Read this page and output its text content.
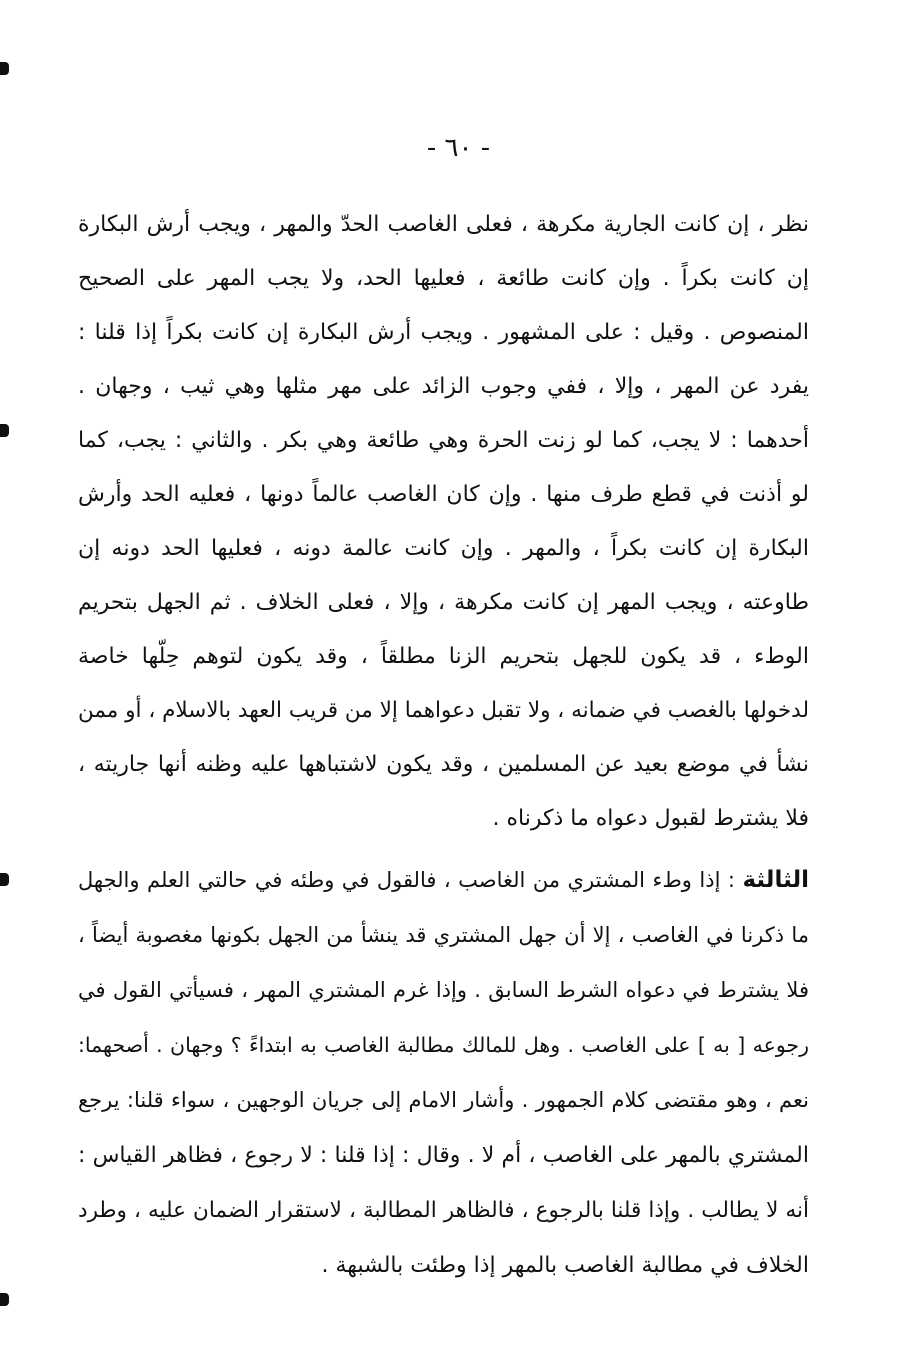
- ٦٠ -
نظر ، إن كانت الجارية مكرهة ، فعلى الغاصب الحدّ والمهر ، ويجب أرش البكارة
إن كانت بكراً . وإن كانت طائعة ، فعليها الحد، ولا يجب المهر على الصحيح
المنصوص . وقيل : على المشهور . ويجب أرش البكارة إن كانت بكراً إذا قلنا :
يفرد عن المهر ، وإلا ، ففي وجوب الزائد على مهر مثلها وهي ثيب ، وجهان .
أحدهما : لا يجب، كما لو زنت الحرة وهي طائعة وهي بكر . والثاني : يجب، كما
لو أذنت في قطع طرف منها . وإن كان الغاصب عالماً دونها ، فعليه الحد وأرش
البكارة إن كانت بكراً ، والمهر . وإن كانت عالمة دونه ، فعليها الحد دونه إن
طاوعته ، ويجب المهر إن كانت مكرهة ، وإلا ، فعلى الخلاف . ثم الجهل بتحريم
الوطء ، قد يكون للجهل بتحريم الزنا مطلقاً ، وقد يكون لتوهم حِلّها خاصة
لدخولها بالغصب في ضمانه ، ولا تقبل دعواهما إلا من قريب العهد بالاسلام ، أو ممن
نشأ في موضع بعيد عن المسلمين ، وقد يكون لاشتباهها عليه وظنه أنها جاريته ،
فلا يشترط لقبول دعواه ما ذكرناه .
الثالثة : إذا وطء المشتري من الغاصب ، فالقول في وطئه في حالتي العلم والجهل
ما ذكرنا في الغاصب ، إلا أن جهل المشتري قد ينشأ من الجهل بكونها مغصوبة أيضاً ،
فلا يشترط في دعواه الشرط السابق . وإذا غرم المشتري المهر ، فسيأتي القول في
رجوعه [ به ] على الغاصب . وهل للمالك مطالبة الغاصب به ابتداءً ؟ وجهان . أصحهما:
نعم ، وهو مقتضى كلام الجمهور . وأشار الامام إلى جريان الوجهين ، سواء قلنا: يرجع
المشتري بالمهر على الغاصب ، أم لا . وقال : إذا قلنا : لا رجوع ، فظاهر القياس :
أنه لا يطالب . وإذا قلنا بالرجوع ، فالظاهر المطالبة ، لاستقرار الضمان عليه ، وطرد
الخلاف في مطالبة الغاصب بالمهر إذا وطئت بالشبهة .
